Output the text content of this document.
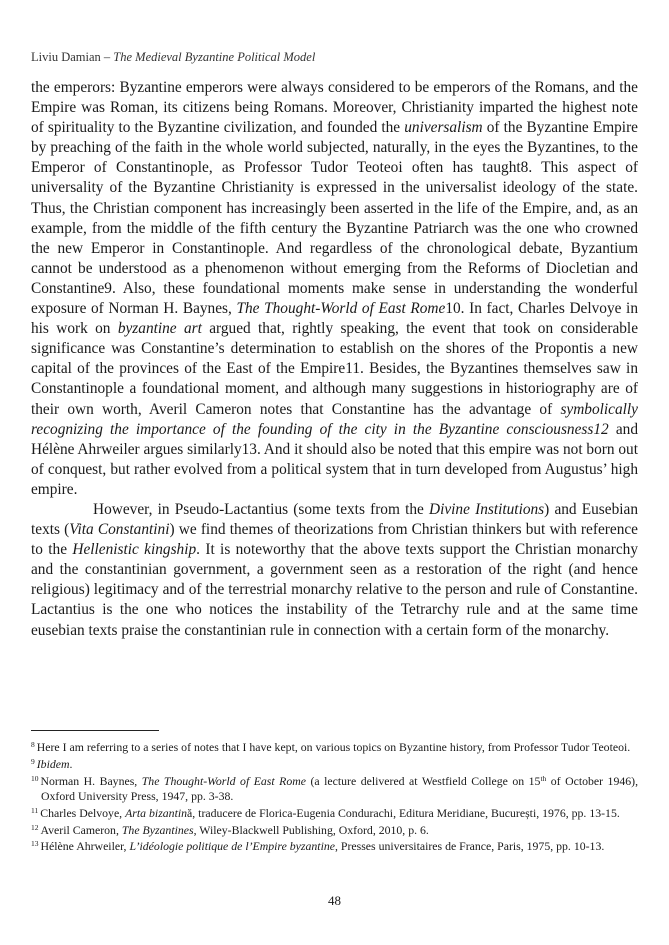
Liviu Damian – The Medieval Byzantine Political Model

the emperors: Byzantine emperors were always considered to be emperors of the Romans, and the Empire was Roman, its citizens being Romans. Moreover, Christianity imparted the highest note of spirituality to the Byzantine civilization, and founded the universalism of the Byzantine Empire by preaching of the faith in the whole world subjected, naturally, in the eyes the Byzantines, to the Emperor of Constantinople, as Professor Tudor Teoteoi often has taught8. This aspect of universality of the Byzantine Christianity is expressed in the universalist ideology of the state. Thus, the Christian component has increasingly been asserted in the life of the Empire, and, as an example, from the middle of the fifth century the Byzantine Patriarch was the one who crowned the new Emperor in Constantinople. And regardless of the chronological debate, Byzantium cannot be understood as a phenomenon without emerging from the Reforms of Diocletian and Constantine9. Also, these foundational moments make sense in understanding the wonderful exposure of Norman H. Baynes, The Thought-World of East Rome10. In fact, Charles Delvoye in his work on byzantine art argued that, rightly speaking, the event that took on considerable significance was Constantine’s determination to establish on the shores of the Propontis a new capital of the provinces of the East of the Empire11. Besides, the Byzantines themselves saw in Constantinople a foundational moment, and although many suggestions in historiography are of their own worth, Averil Cameron notes that Constantine has the advantage of symbolically recognizing the importance of the founding of the city in the Byzantine consciousness12 and Hélène Ahrweiler argues similarly13. And it should also be noted that this empire was not born out of conquest, but rather evolved from a political system that in turn developed from Augustus’ high empire.

However, in Pseudo-Lactantius (some texts from the Divine Institutions) and Eusebian texts (Vita Constantini) we find themes of theorizations from Christian thinkers but with reference to the Hellenistic kingship. It is noteworthy that the above texts support the Christian monarchy and the constantinian government, a government seen as a restoration of the right (and hence religious) legitimacy and of the terrestrial monarchy relative to the person and rule of Constantine. Lactantius is the one who notices the instability of the Tetrarchy rule and at the same time eusebian texts praise the constantinian rule in connection with a certain form of the monarchy.

$^8$ Here I am referring to a series of notes that I have kept, on various topics on Byzantine history, from Professor Tudor Teoteoi.

$^9$ Ibidem.

$^{10}$ Norman H. Baynes, The Thought-World of East Rome (a lecture delivered at Westfield College on 15th of October 1946), Oxford University Press, 1947, pp. 3-38.

$^{11}$ Charles Delvoye, Arta bizantină, traducere de Florica-Eugenia Condurachi, Editura Meridiane, București, 1976, pp. 13-15.

$^{12}$ Averil Cameron, The Byzantines, Wiley-Blackwell Publishing, Oxford, 2010, p. 6.

$^{13}$ Hélène Ahrweiler, L’idéologie politique de l’Empire byzantine, Presses universitaires de France, Paris, 1975, pp. 10-13.

48
